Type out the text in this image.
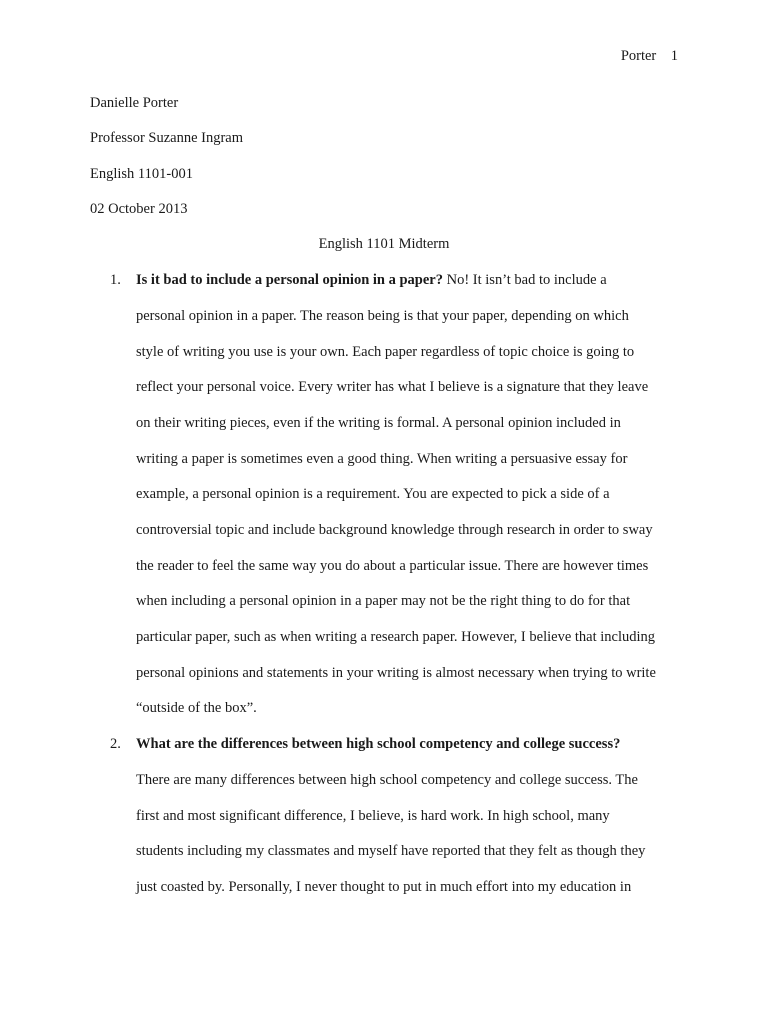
Porter 1
Danielle Porter
Professor Suzanne Ingram
English 1101-001
02 October 2013
English 1101 Midterm
1. Is it bad to include a personal opinion in a paper? No! It isn’t bad to include a
personal opinion in a paper. The reason being is that your paper, depending on which
style of writing you use is your own. Each paper regardless of topic choice is going to
reflect your personal voice. Every writer has what I believe is a signature that they leave
on their writing pieces, even if the writing is formal. A personal opinion included in
writing a paper is sometimes even a good thing. When writing a persuasive essay for
example, a personal opinion is a requirement. You are expected to pick a side of a
controversial topic and include background knowledge through research in order to sway
the reader to feel the same way you do about a particular issue. There are however times
when including a personal opinion in a paper may not be the right thing to do for that
particular paper, such as when writing a research paper. However, I believe that including
personal opinions and statements in your writing is almost necessary when trying to write
“outside of the box”.
2. What are the differences between high school competency and college success?
There are many differences between high school competency and college success. The
first and most significant difference, I believe, is hard work. In high school, many
students including my classmates and myself have reported that they felt as though they
just coasted by. Personally, I never thought to put in much effort into my education in
